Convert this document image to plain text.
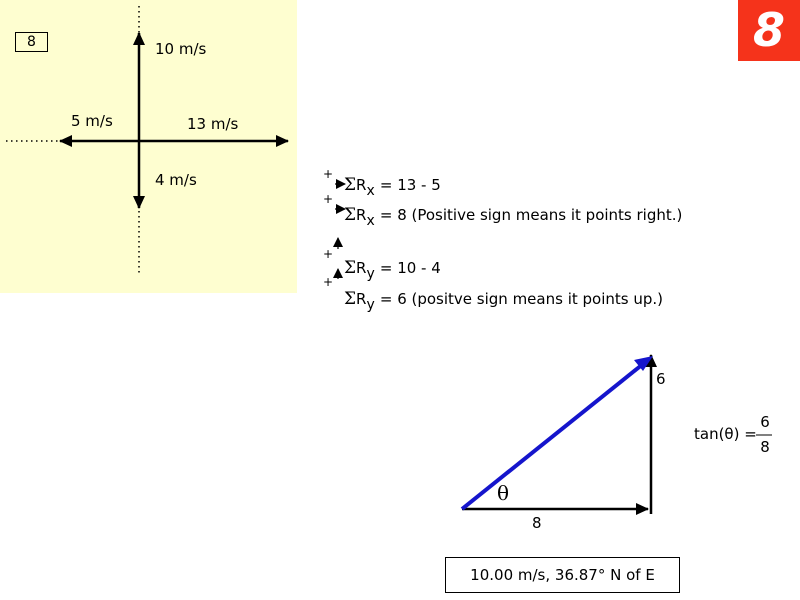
8
8	10 m/s
5 m/s	13 m/s
4 m/s	+
ΣRx = 13 - 5
+
ΣRx = 8 (Positive sign means it points right.)
+
ΣRy = 10 - 4
+
ΣRy = 6 (positve sign means it points up.)
6
8
θ
tan(θ) =
6
8
10.00 m/s, 36.87° N of E
